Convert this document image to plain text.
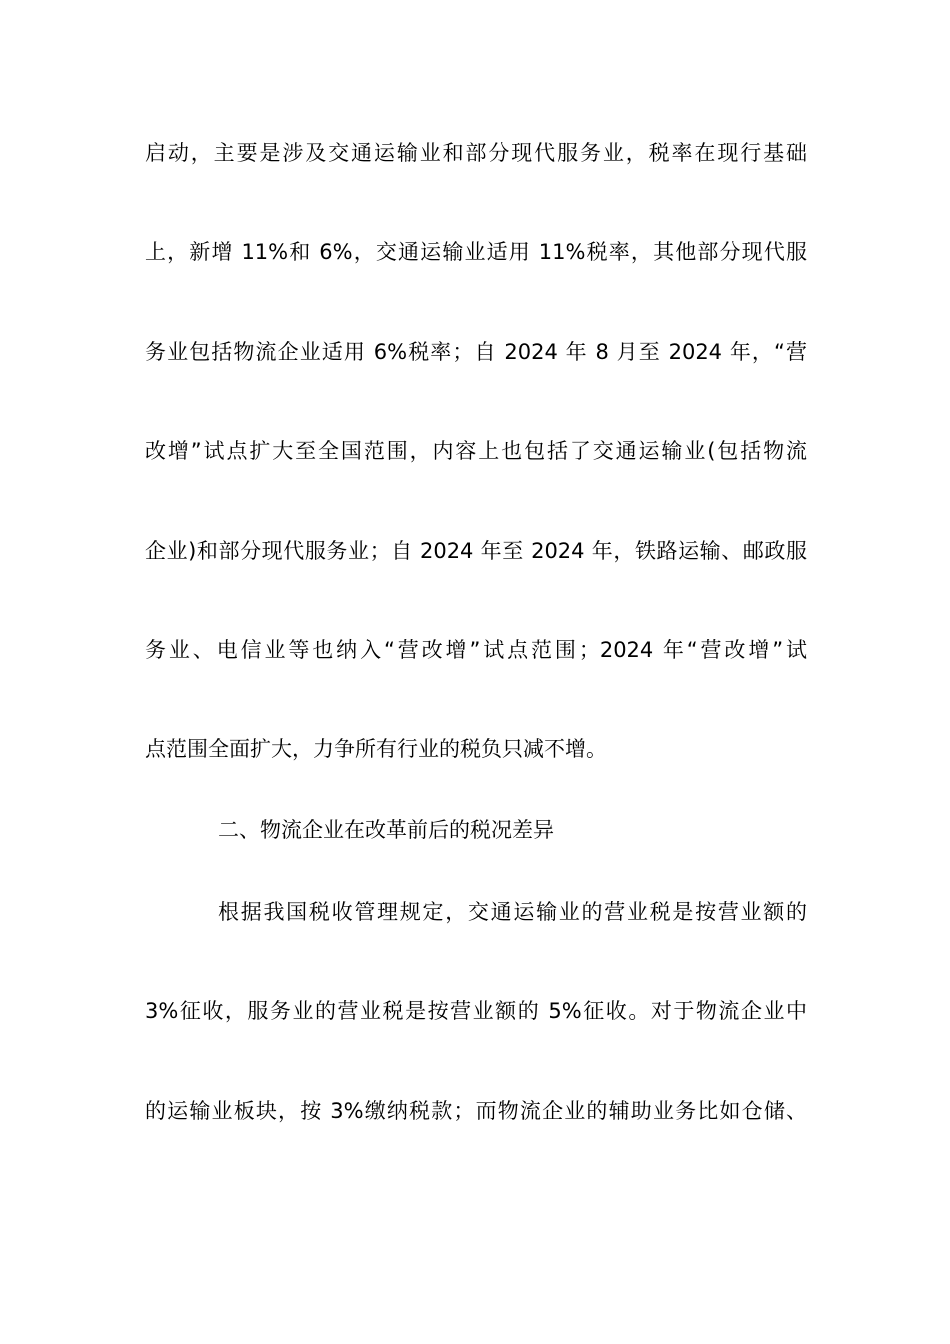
启动，主要是涉及交通运输业和部分现代服务业，税率在现行基础
上，新增 11%和 6%，交通运输业适用 11%税率，其他部分现代服
务业包括物流企业适用 6%税率；自 2024 年 8 月至 2024 年，“营
改增”试点扩大至全国范围，内容上也包括了交通运输业(包括物流
企业)和部分现代服务业；自 2024 年至 2024 年，铁路运输、邮政服
务业、电信业等也纳入“营改增”试点范围；2024 年“营改增”试
点范围全面扩大，力争所有行业的税负只减不增。
二、物流企业在改革前后的税况差异
根据我国税收管理规定，交通运输业的营业税是按营业额的
3%征收，服务业的营业税是按营业额的 5%征收。对于物流企业中
的运输业板块，按 3%缴纳税款；而物流企业的辅助业务比如仓储、
